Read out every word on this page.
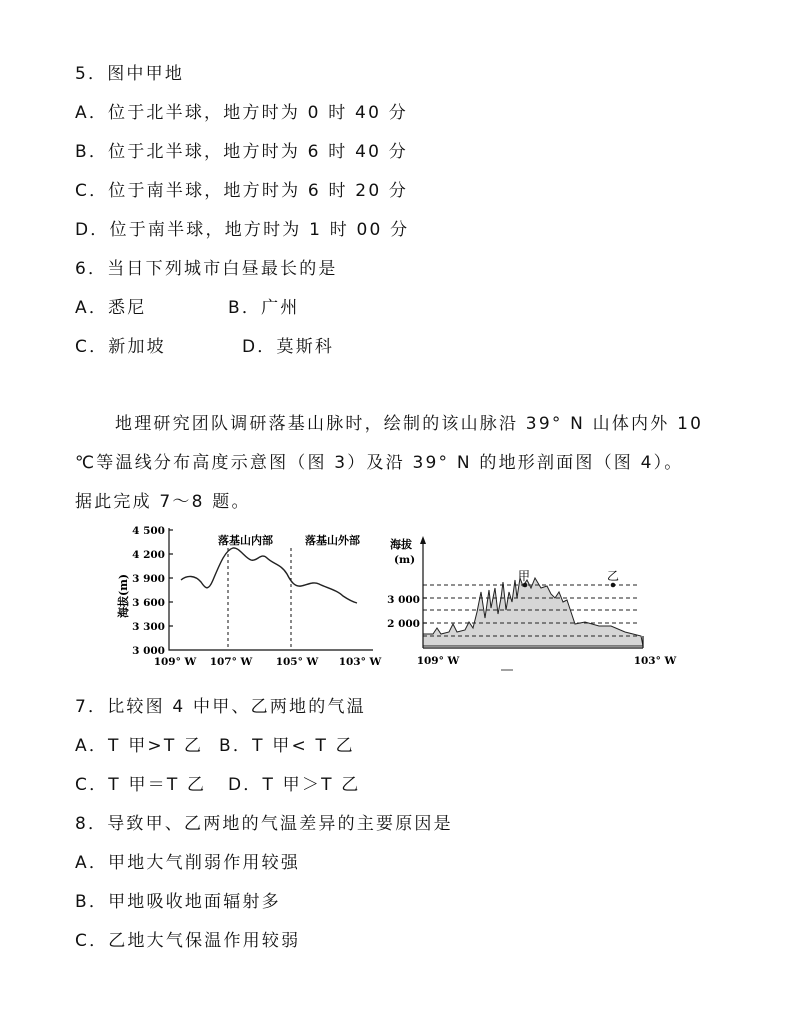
5．图中甲地
A．位于北半球，地方时为 0 时 40 分
B．位于北半球，地方时为 6 时 40 分
C．位于南半球，地方时为 6 时 20 分
D．位于南半球，地方时为 1 时 00 分
6．当日下列城市白昼最长的是
A．悉尼	B．广州
C．新加坡	D．莫斯科
地理研究团队调研落基山脉时，绘制的该山脉沿 39° N 山体内外 10
℃等温线分布高度示意图（图 3）及沿 39° N 的地形剖面图（图 4）。
据此完成 7～8 题。
海拔(m)
4 500
4 200
3 900
3 600
3 300
3 000
落基山内部	落基山外部
109° W 107° W 105° W 103° W
海拔
(m)
3 000
2 000
甲	乙
109° W	103° W
7．比较图 4 中甲、乙两地的气温
A．T 甲>T 乙 B．T 甲< T 乙
C．T 甲＝T 乙 D．T 甲＞T 乙
8．导致甲、乙两地的气温差异的主要原因是
A．甲地大气削弱作用较强
B．甲地吸收地面辐射多
C．乙地大气保温作用较弱
